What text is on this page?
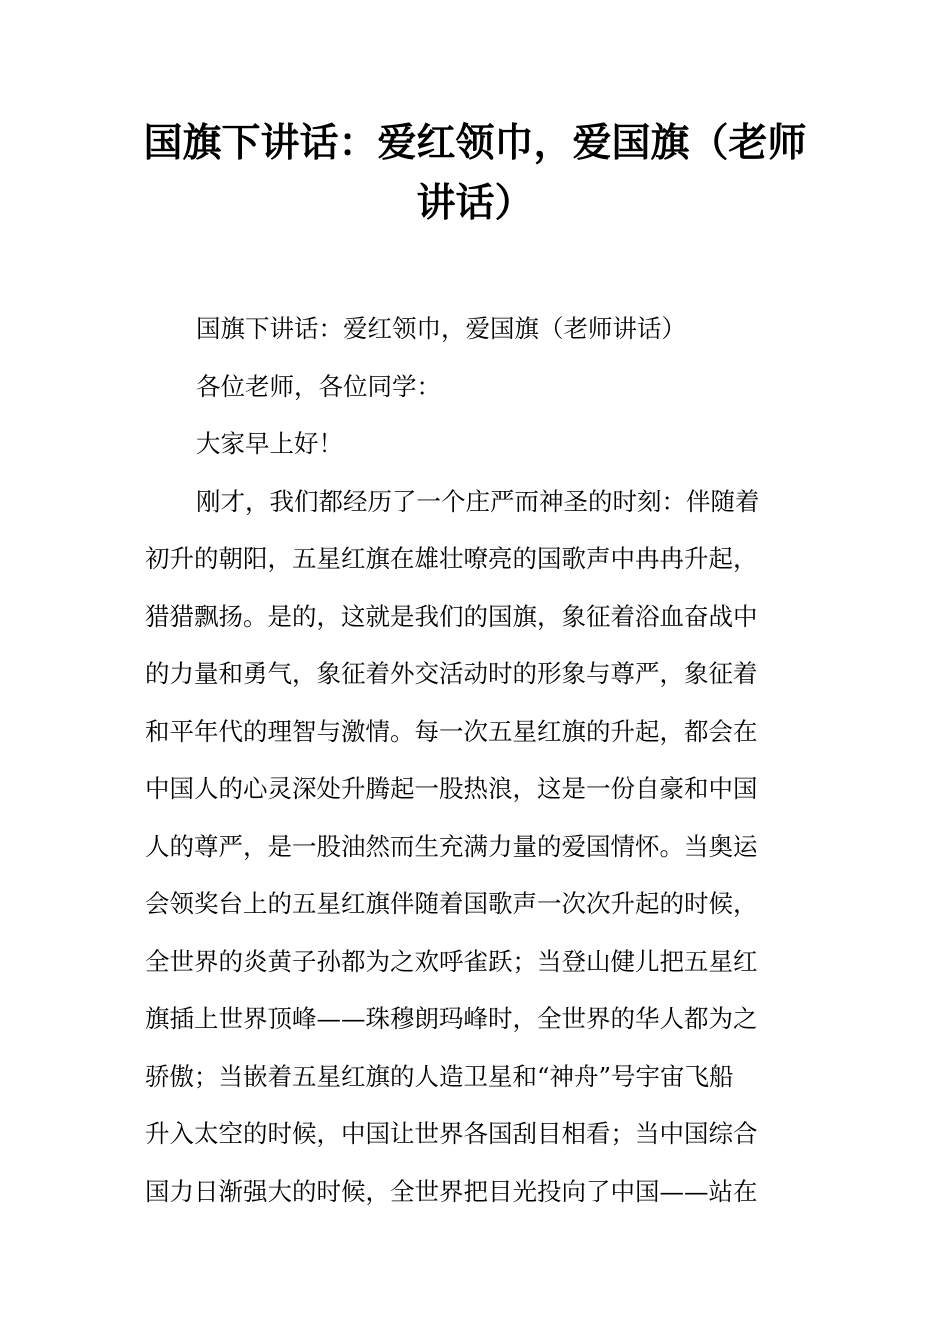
国旗下讲话：爱红领巾，爱国旗（老师
讲话）

国旗下讲话：爱红领巾，爱国旗（老师讲话）

各位老师，各位同学：

大家早上好！

刚才，我们都经历了一个庄严而神圣的时刻：伴随着
初升的朝阳，五星红旗在雄壮嘹亮的国歌声中冉冉升起，
猎猎飘扬。是的，这就是我们的国旗，象征着浴血奋战中
的力量和勇气，象征着外交活动时的形象与尊严，象征着
和平年代的理智与激情。每一次五星红旗的升起，都会在
中国人的心灵深处升腾起一股热浪，这是一份自豪和中国
人的尊严，是一股油然而生充满力量的爱国情怀。当奥运
会领奖台上的五星红旗伴随着国歌声一次次升起的时候，
全世界的炎黄子孙都为之欢呼雀跃；当登山健儿把五星红
旗插上世界顶峰——珠穆朗玛峰时，全世界的华人都为之
骄傲；当嵌着五星红旗的人造卫星和“神舟”号宇宙飞船
升入太空的时候，中国让世界各国刮目相看；当中国综合
国力日渐强大的时候，全世界把目光投向了中国——站在
